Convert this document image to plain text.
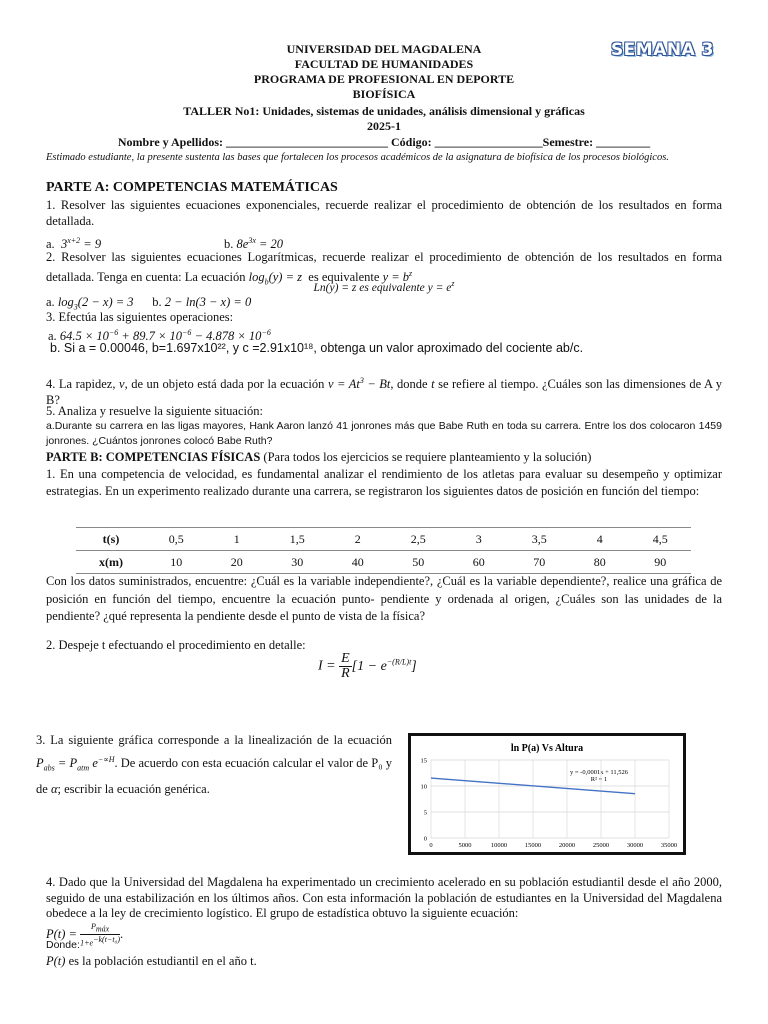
UNIVERSIDAD DEL MAGDALENA
FACULTAD DE HUMANIDADES
PROGRAMA DE PROFESIONAL EN DEPORTE
BIOFÍSICA
TALLER No1: Unidades, sistemas de unidades, análisis dimensional y gráficas
2025-1
SEMANA 3
Nombre y Apellidos: ___________________________ Código: __________________Semestre: _________
Estimado estudiante, la presente sustenta las bases que fortalecen los procesos académicos de la asignatura de biofísica de los procesos biológicos.
PARTE A: COMPETENCIAS MATEMÁTICAS
1. Resolver las siguientes ecuaciones exponenciales, recuerde realizar el procedimiento de obtención de los resultados en forma detallada.
a. $3^{x+2} = 9$	b. $8e^{3x} = 20$
2. Resolver las siguientes ecuaciones Logarítmicas, recuerde realizar el procedimiento de obtención de los resultados en forma detallada. Tenga en cuenta: La ecuación $\log_b(y) = z$ es equivalente $y = b^z$
Ln(y) = z es equivalente $y = e^z$
a. $\log_3(2 - x) = 3$ b. 2 − ln(3 − x) = 0
3. Efectúa las siguientes operaciones:
a. $64.5 \times 10^{-6} + 89.7 \times 10^{-6} - 4.878 \times 10^{-6}$
b. Si a = 0.00046, b=1.697x10²², y c =2.91x10¹⁸, obtenga un valor aproximado del cociente ab/c.
4. La rapidez, v, de un objeto está dada por la ecuación $v = At^3 - Bt$, donde t se refiere al tiempo. ¿Cuáles son las dimensiones de A y B?
5. Analiza y resuelve la siguiente situación:
a.Durante su carrera en las ligas mayores, Hank Aaron lanzó 41 jonrones más que Babe Ruth en toda su carrera. Entre los dos colocaron 1459 jonrones. ¿Cuántos jonrones colocó Babe Ruth?
PARTE B: COMPETENCIAS FÍSICAS (Para todos los ejercicios se requiere planteamiento y la solución)
1. En una competencia de velocidad, es fundamental analizar el rendimiento de los atletas para evaluar su desempeño y optimizar estrategias. En un experimento realizado durante una carrera, se registraron los siguientes datos de posición en función del tiempo:
t(s)	0,5	1	1,5	2	2,5	3	3,5	4	4,5
x(m)	10	20	30	40	50	60	70	80	90
Con los datos suministrados, encuentre: ¿Cuál es la variable independiente?, ¿Cuál es la variable dependiente?, realice una gráfica de posición en función del tiempo, encuentre la ecuación punto- pendiente y ordenada al origen, ¿Cuáles son las unidades de la pendiente? ¿qué representa la pendiente desde el punto de vista de la física?
2. Despeje t efectuando el procedimiento en detalle:
$I = \frac{E}{R} [1 - e^{-(R/L)t}]$
3. La siguiente gráfica corresponde a la linealización de la ecuación $P_{abs} = P_{atm}$ $e^{-\propto H}$. De acuerdo con esta ecuación calcular el valor de P₀ y de α; escribir la ecuación genérica.
ln P(a) Vs Altura
y = -0,0001x + 11,526
R² = 1
0
5
10
15
0	5000	10000	15000	20000	25000	30000	35000
4. Dado que la Universidad del Magdalena ha experimentado un crecimiento acelerado en su población estudiantil desde el año 2000, seguido de una estabilización en los últimos años. Con esta información la población de estudiantes en la Universidad del Magdalena obedece a la ley de crecimiento logístico. El grupo de estadística obtuvo la siguiente ecuación:
$P(t) = \frac{P_{máx}}{1+e^{-k(t-t_0)}}$ .
Donde:
P(t) es la población estudiantil en el año t.
